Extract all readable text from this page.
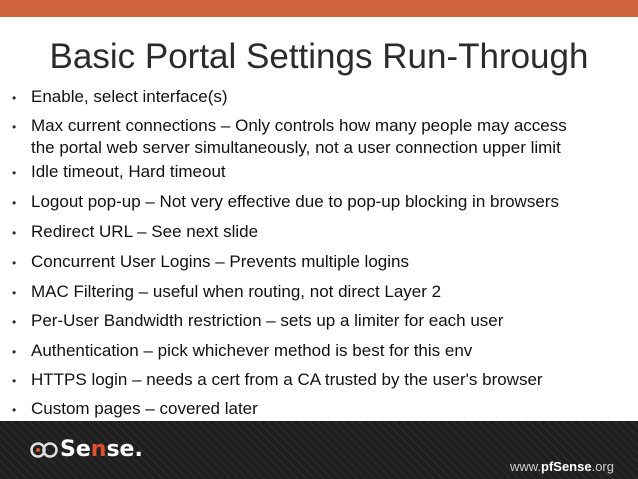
Basic Portal Settings Run-Through
• Enable, select interface(s)
• Max current connections – Only controls how many people may access
the portal web server simultaneously, not a user connection upper limit
• Idle timeout, Hard timeout
• Logout pop-up – Not very effective due to pop-up blocking in browsers
• Redirect URL – See next slide
• Concurrent User Logins – Prevents multiple logins
• MAC Filtering – useful when routing, not direct Layer 2
• Per-User Bandwidth restriction – sets up a limiter for each user
• Authentication – pick whichever method is best for this env
• HTTPS login – needs a cert from a CA trusted by the user's browser
• Custom pages – covered later
Sense.
www.pfSense.org
